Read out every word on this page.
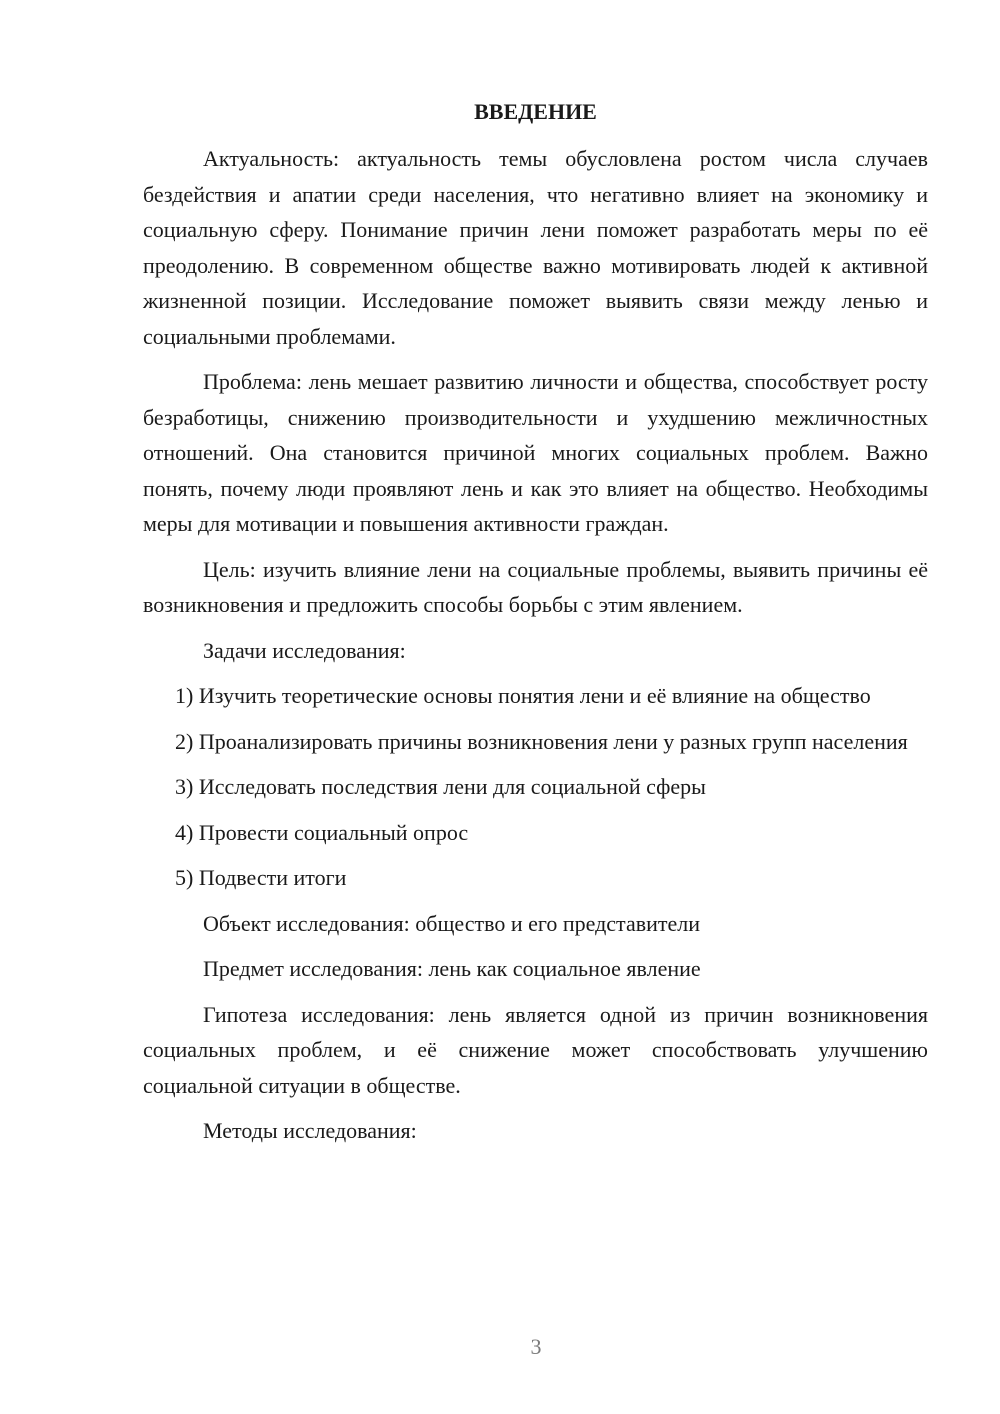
ВВЕДЕНИЕ

Актуальность: актуальность темы обусловлена ростом числа случаев бездействия и апатии среди населения, что негативно влияет на экономику и социальную сферу. Понимание причин лени поможет разработать меры по её преодолению. В современном обществе важно мотивировать людей к активной жизненной позиции. Исследование поможет выявить связи между ленью и социальными проблемами.

Проблема: лень мешает развитию личности и общества, способствует росту безработицы, снижению производительности и ухудшению межличностных отношений. Она становится причиной многих социальных проблем. Важно понять, почему люди проявляют лень и как это влияет на общество. Необходимы меры для мотивации и повышения активности граждан.

Цель: изучить влияние лени на социальные проблемы, выявить причины её возникновения и предложить способы борьбы с этим явлением.

Задачи исследования:

1) Изучить теоретические основы понятия лени и её влияние на общество

2) Проанализировать причины возникновения лени у разных групп населения

3) Исследовать последствия лени для социальной сферы

4) Провести социальный опрос

5) Подвести итоги

Объект исследования: общество и его представители

Предмет исследования: лень как социальное явление

Гипотеза исследования: лень является одной из причин возникновения социальных проблем, и её снижение может способствовать улучшению социальной ситуации в обществе.

Методы исследования:

3
